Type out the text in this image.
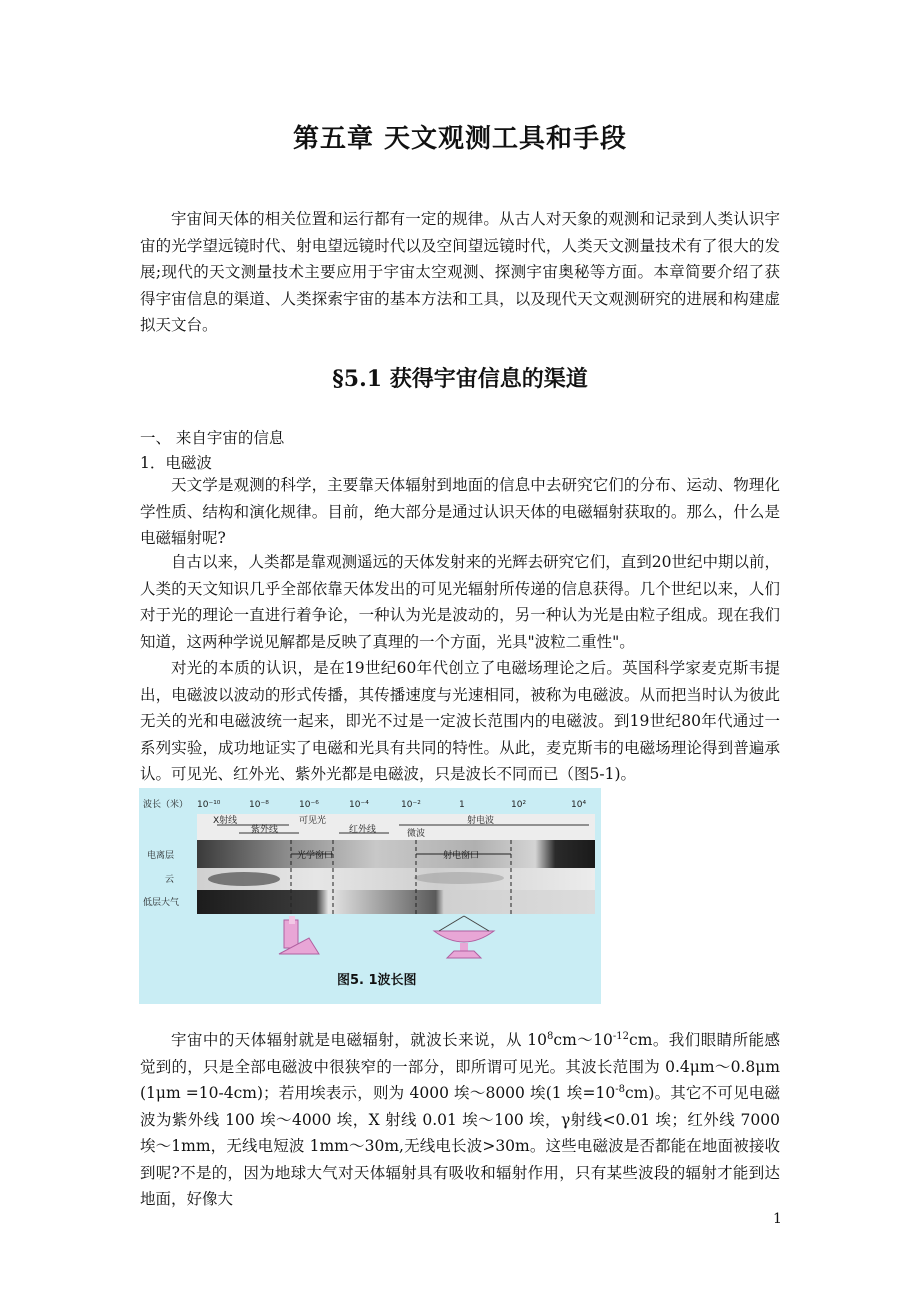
第五章 天文观测工具和手段

宇宙间天体的相关位置和运行都有一定的规律。从古人对天象的观测和记录到人类认识宇宙的光学望远镜时代、射电望远镜时代以及空间望远镜时代，人类天文测量技术有了很大的发展;现代的天文测量技术主要应用于宇宙太空观测、探测宇宙奥秘等方面。本章简要介绍了获得宇宙信息的渠道、人类探索宇宙的基本方法和工具，以及现代天文观测研究的进展和构建虚拟天文台。

§5.1 获得宇宙信息的渠道
一、 来自宇宙的信息
1．电磁波

天文学是观测的科学，主要靠天体辐射到地面的信息中去研究它们的分布、运动、物理化学性质、结构和演化规律。目前，绝大部分是通过认识天体的电磁辐射获取的。那么，什么是电磁辐射呢?

自古以来，人类都是靠观测遥远的天体发射来的光辉去研究它们，直到20世纪中期以前，人类的天文知识几乎全部依靠天体发出的可见光辐射所传递的信息获得。几个世纪以来，人们对于光的理论一直进行着争论，一种认为光是波动的，另一种认为光是由粒子组成。现在我们知道，这两种学说见解都是反映了真理的一个方面，光具"波粒二重性"。

对光的本质的认识，是在19世纪60年代创立了电磁场理论之后。英国科学家麦克斯韦提出，电磁波以波动的形式传播，其传播速度与光速相同，被称为电磁波。从而把当时认为彼此无关的光和电磁波统一起来，即光不过是一定波长范围内的电磁波。到19世纪80年代通过一系列实验，成功地证实了电磁和光具有共同的特性。从此，麦克斯韦的电磁场理论得到普遍承认。可见光、红外光、紫外光都是电磁波，只是波长不同而已（图5-1)。

波长（米） 10⁻¹⁰	10⁻⁸	10⁻⁶	10⁻⁴	10⁻²	1	10²	10⁴
X射线
紫外线
可见光
红外线	微波
射电波
电离层
云
低层大气
光学窗口	射电窗口
图5. 1波长图

宇宙中的天体辐射就是电磁辐射，就波长来说，从 $10^8cm\sim 10^{-12}cm$。我们眼睛所能感觉到的，只是全部电磁波中很狭窄的一部分，即所谓可见光。其波长范围为 0.4μm～0.8μm (1μm =10-4cm)；若用埃表示，则为 4000 埃～8000 埃(1 埃$=10^{-8}cm$)。其它不可见电磁波为紫外线 100 埃～4000 埃，X 射线 0.01 埃～100 埃，γ射线<0.01 埃；红外线 7000 埃～1mm，无线电短波 1mm～30m,无线电长波>30m。这些电磁波是否都能在地面被接收到呢?不是的，因为地球大气对天体辐射具有吸收和辐射作用，只有某些波段的辐射才能到达地面，好像大

1
